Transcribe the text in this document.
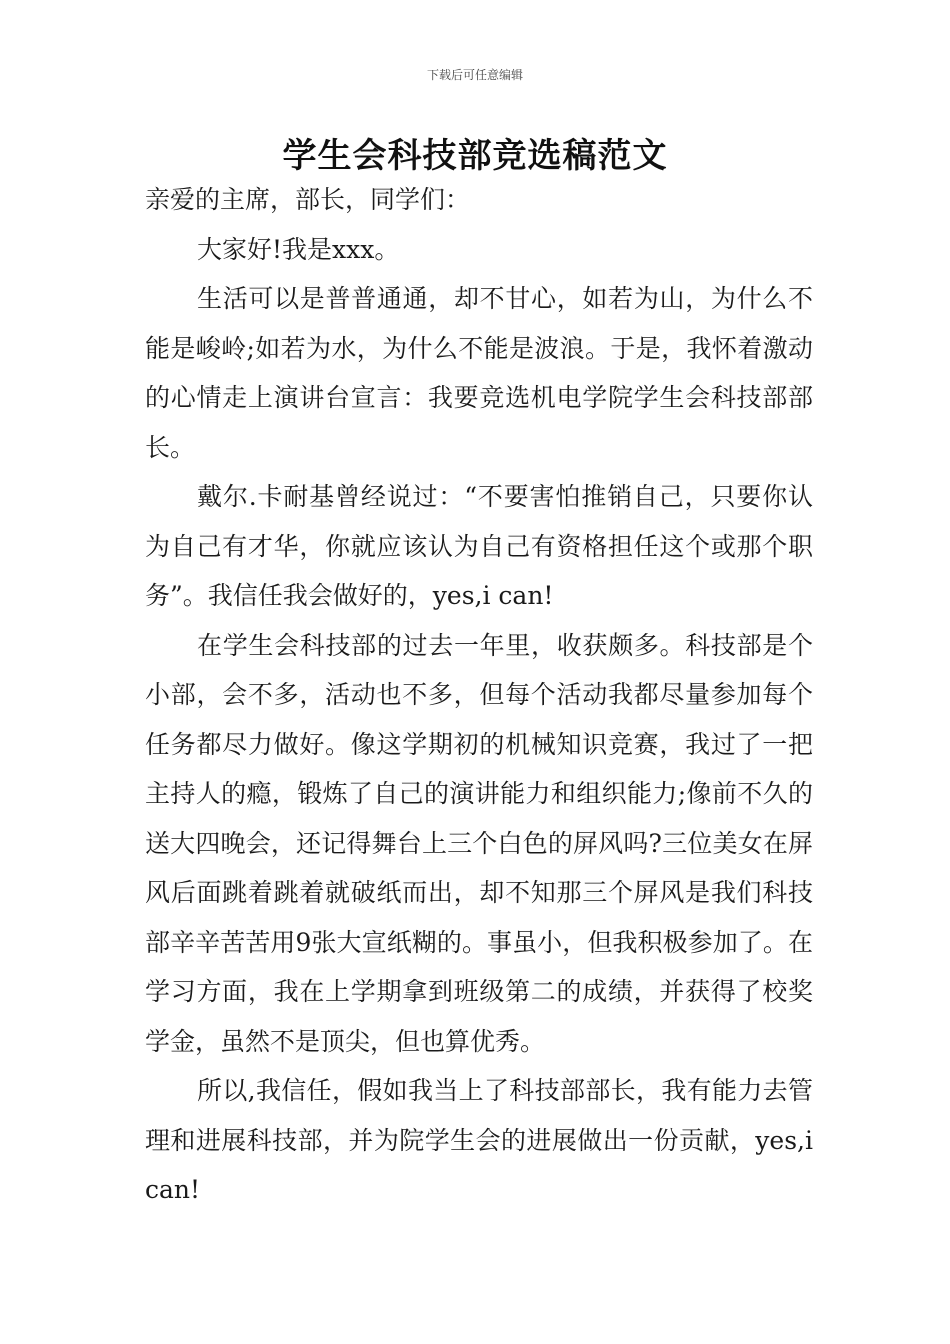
下载后可任意编辑
学生会科技部竞选稿范文

亲爱的主席，部长，同学们：

大家好!我是xxx。

生活可以是普普通通，却不甘心，如若为山，为什么不能是峻岭;如若为水，为什么不能是波浪。于是，我怀着激动的心情走上演讲台宣言：我要竞选机电学院学生会科技部部长。

戴尔.卡耐基曾经说过：“不要害怕推销自己，只要你认为自己有才华，你就应该认为自己有资格担任这个或那个职务”。我信任我会做好的，yes,i can!

在学生会科技部的过去一年里，收获颇多。科技部是个小部，会不多，活动也不多，但每个活动我都尽量参加每个任务都尽力做好。像这学期初的机械知识竞赛，我过了一把主持人的瘾，锻炼了自己的演讲能力和组织能力;像前不久的送大四晚会，还记得舞台上三个白色的屏风吗?三位美女在屏风后面跳着跳着就破纸而出，却不知那三个屏风是我们科技部辛辛苦苦用9张大宣纸糊的。事虽小，但我积极参加了。在学习方面，我在上学期拿到班级第二的成绩，并获得了校奖学金，虽然不是顶尖，但也算优秀。

所以,我信任，假如我当上了科技部部长，我有能力去管理和进展科技部，并为院学生会的进展做出一份贡献，yes,i can!
